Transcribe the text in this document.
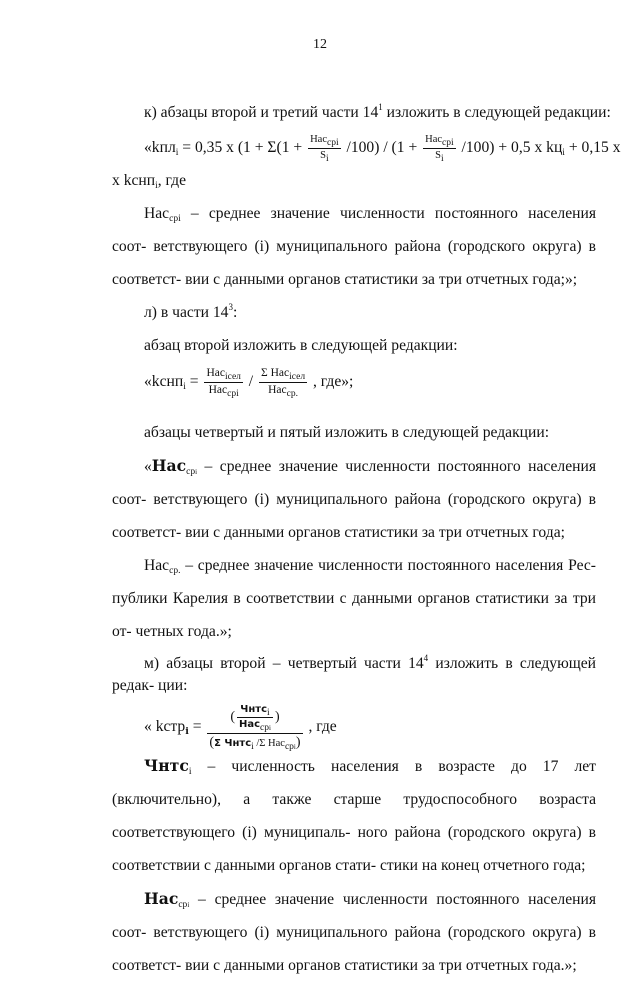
12

к) абзацы второй и третий части $14^1$ изложить в следующей редакции:

«kпл$_i$ = 0,35 x ($1 + \Sigma(1 + \frac{Нас_{срi}}{S_i} /100) / (1 + \frac{Нас_{срi}}{S_i} /100) + 0,5$ x $kц_i + 0,15$ x

x kснп$_i$, где

Нас$_{срi}$ – среднее значение численности постоянного населения соот- ветствующего (i) муниципального района (городского округа) в соответст- вии с данными органов статистики за три отчетных года;»;

л) в части $14^3$:

абзац второй изложить в следующей редакции:

«kснп$_i$ = $\frac{Нас_{iсел}}{Нас_{срi}} / \frac{\Sigma Нас_{iсел}}{Нас_{ср.}}$ , где»;

абзацы четвертый и пятый изложить в следующей редакции:

«Нас$_{срi}$ – среднее значение численности постоянного населения соот- ветствующего (i) муниципального района (городского округа) в соответст- вии с данными органов статистики за три отчетных года;

Нас$_{ср.}$ – среднее значение численности постоянного населения Рес- публики Карелия в соответствии с данными органов статистики за три от- четных года.»;

м) абзацы второй – четвертый части $14^4$ изложить в следующей редак- ции:

« kстр$_i$ = $\frac{( \frac{Чнтс_i}{Нас_{срi}} )}{(\Sigma Чнтс_i /\Sigma Нас_{срi})}$ , где

Чнтс$_i$ – численность населения в возрасте до 17 лет (включительно), а также старше трудоспособного возраста соответствующего (i) муниципаль- ного района (городского округа) в соответствии с данными органов стати- стики на конец отчетного года;

Нас$_{срi}$ – среднее значение численности постоянного населения соот- ветствующего (i) муниципального района (городского округа) в соответст- вии с данными органов статистики за три отчетных года.»;
